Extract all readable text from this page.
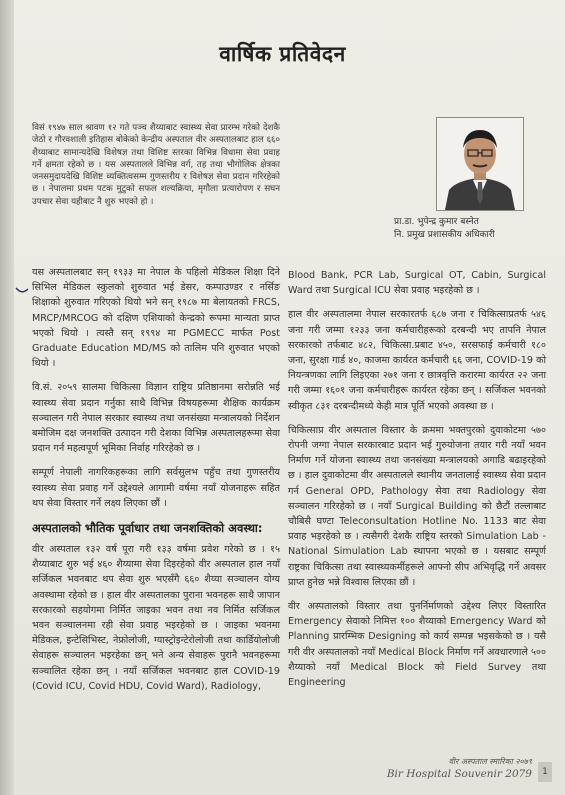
वार्षिक प्रतिवेदन

विसं १९४७ साल श्रावण १२ गते पञ्च शैय्याबाट स्वास्थ्य सेवा प्रारम्भ गरेको देशकै जेठो र गौरवशाली इतिहास बोकेको केन्द्रीय अस्पताल वीर अस्पतालबाट हाल ६६० शैय्याबाट सामान्यदेखि विशेषज्ञ तथा विशिष्ट स्तरका विभिन्न विधामा सेवा प्रवाह गर्ने क्षमता रहेको छ । यस अस्पतालले विभिन्न वर्ग, तह तथा भौगोलिक क्षेत्रका जनसमुदायदेखि विशिष्ट व्यक्तित्वसम्म गुणस्तरीय र विशेषज्ञ सेवा प्रदान गरिरहेको छ । नेपालमा प्रथम पटक मुटुको सफल शल्यक्रिया, मृगौला प्रत्यारोपण र सघन उपचार सेवा यहीबाट नै शुरु भएको हो ।

प्रा.डा. भुपेन्द्र कुमार बस्नेत
नि. प्रमुख प्रशासकीय अधिकारी

यस अस्पतालबाट सन् १९३३ मा नेपाल के पहिलो मेडिकल शिक्षा दिने सिभिल मेडिकल स्कुलको शुरुवात भई डेसर, कम्पाउण्डर र नर्सिङ शिक्षाको शुरुवात गरिएको थियो भने सन् १९८७ मा बेलायतको FRCS, MRCP/MRCOG को दक्षिण एशियाको केन्द्रको रूपमा मान्यता प्राप्त भएको थियो । त्यस्तै सन् १९९४ मा PGMECC मार्फत Post Graduate Education MD/MS को तालिम पनि शुरुवात भएको थियो ।

वि.सं. २०५९ सालमा चिकित्सा विज्ञान राष्ट्रिय प्रतिष्ठानमा सरोन्नति भई स्वास्थ्य सेवा प्रदान गर्नुका साथै विभिन्न विषयहरूमा शैक्षिक कार्यक्रम सञ्चालन गरी नेपाल सरकार स्वास्थ्य तथा जनसंख्या मन्त्रालयको निर्देशन बमोजिम दक्ष जनशक्ति उत्पादन गरी देशका विभिन्न अस्पतालहरूमा सेवा प्रदान गर्न महत्वपूर्ण भूमिका निर्वाह गरिरहेको छ ।

सम्पूर्ण नेपाली नागरिकहरूका लागि सर्वसुलभ पहुँच तथा गुणस्तरीय स्वास्थ्य सेवा प्रवाह गर्ने उद्देश्यले आगामी वर्षमा नयाँ योजनाहरू सहित थप सेवा विस्तार गर्ने लक्ष्य लिएका छौं ।

अस्पतालको भौतिक पूर्वाधार तथा जनशक्तिको अवस्था:

वीर अस्पताल १३२ वर्ष पूरा गरी १३३ वर्षमा प्रवेश गरेको छ । १५ शैय्याबाट शुरु भई ४६० शैय्यामा सेवा दिइरहेको वीर अस्पताल हाल नयाँ सर्जिकल भवनबाट थप सेवा शुरु भएसँगै ६६० शैय्या सञ्चालन योग्य अवस्थामा रहेको छ । हाल वीर अस्पतालका पुराना भवनहरू साथै जापान सरकारको सहयोगमा निर्मित जाइका भवन तथा नव निर्मित सर्जिकल भवन सञ्चालनमा रही सेवा प्रवाह भइरहेको छ । जाइका भवनमा मेडिकल, इन्टेसिभिस्ट, नेफ्रोलोजी, ग्यास्ट्रोइन्टेरोलोजी तथा कार्डियोलोजी सेवाहरू सञ्चालन भइरहेका छन् भने अन्य सेवाहरू पुरानै भवनहरूमा सञ्चालित रहेका छन् । नयाँ सर्जिकल भवनबाट हाल COVID-19 (Covid ICU, Covid HDU, Covid Ward), Radiology,

Blood Bank, PCR Lab, Surgical OT, Cabin, Surgical Ward तथा Surgical ICU सेवा प्रवाह भइरहेको छ ।

हाल वीर अस्पतालमा नेपाल सरकारतर्फ ६८७ जना र चिकित्साप्रतर्फ ५४६ जना गरी जम्मा १२३३ जना कर्मचारीहरूको दरबन्दी भए तापनि नेपाल सरकारको तर्फबाट ४८२, चिकित्सा.प्रबाट ४५०, सरसफाई कर्मचारी १८० जना, सुरक्षा गार्ड ४०, काजमा कार्यरत कर्मचारी ६६ जना, COVID-19 को नियन्त्रणका लागि लिइएका २७१ जना र छात्रवृत्ति करारमा कार्यरत २२ जना गरी जम्मा १६०१ जना कर्मचारीहरू कार्यरत रहेका छन् । सर्जिकल भवनको स्वीकृत ८३१ दरबन्दीमध्ये केही मात्र पूर्ति भएको अवस्था छ ।

चिकित्साप्र वीर अस्पताल विस्तार के क्रममा भक्तपुरको दुवाकोटमा ५७० रोपनी जग्गा नेपाल सरकारबाट प्रदान भई गुरुयोजना तयार गरी नयाँ भवन निर्माण गर्ने योजना स्वास्थ्य तथा जनसंख्या मन्त्रालयको अगाडि बढाइरहेको छ । हाल दुवाकोटमा वीर अस्पतालले स्थानीय जनतालाई स्वास्थ्य सेवा प्रदान गर्न General OPD, Pathology सेवा तथा Radiology सेवा सञ्चालन गरिरहेको छ । नयाँ Surgical Building को छैटौं तल्लाबाट चौबिसै घण्टा Teleconsultation Hotline No. 1133 बाट सेवा प्रवाह भइरहेको छ । त्यसैगरी देशकै राष्ट्रिय स्तरको Simulation Lab - National Simulation Lab स्थापना भएको छ । यसबाट सम्पूर्ण राष्ट्रका चिकित्सा तथा स्वास्थ्यकर्मीहरूले आफ्नो सीप अभिवृद्धि गर्ने अवसर प्राप्त हुनेछ भन्ने विश्वास लिएका छौं ।

वीर अस्पतालको विस्तार तथा पुनर्निर्माणको उद्देश्य लिएर विस्तारित Emergency सेवाको निमित्त १०० शैय्याको Emergency Ward को Planning प्रारम्भिक Designing को कार्य सम्पन्न भइसकेको छ । यसै गरी वीर अस्पतालको नयाँ Medical Block निर्माण गर्ने अवधारणाले ५०० शैय्याको नयाँ Medical Block को Field Survey तथा Engineering

वीर अस्पताल स्मारिका २०७९
Bir Hospital Souvenir 2079	1
